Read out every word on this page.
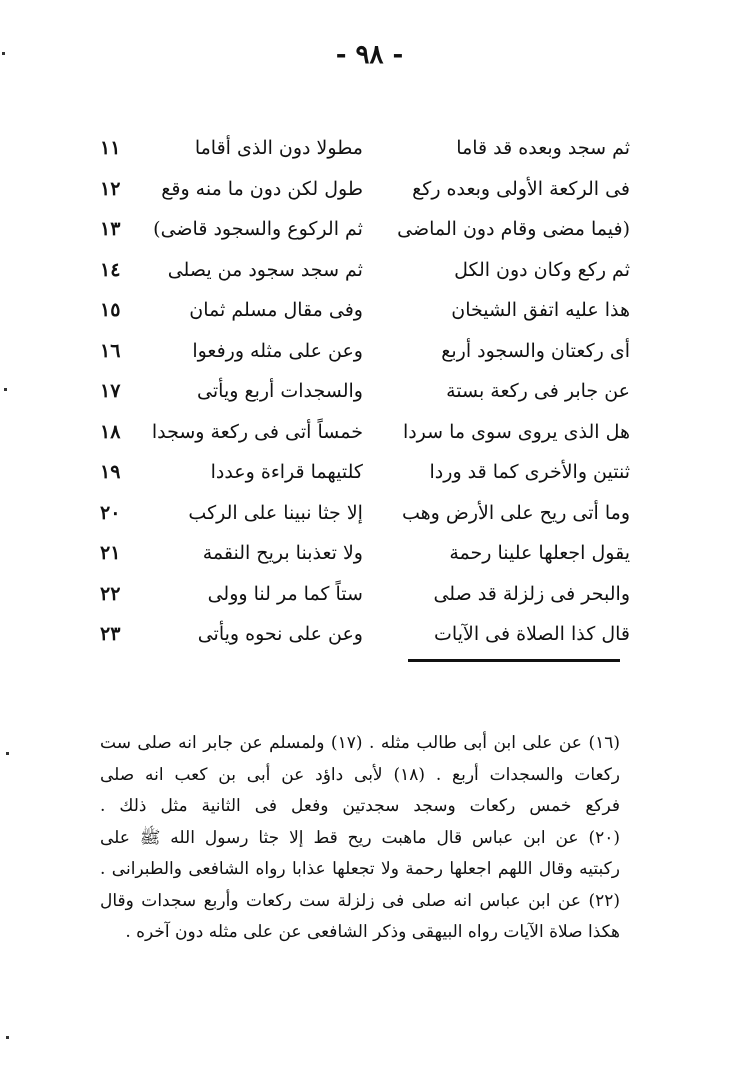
- ٩٨ -
ثم سجد وبعده قد قاما
مطولا دون الذى أقاما
١١
فى الركعة الأولى وبعده ركع
طول لكن دون ما منه وقع
١٢
(فيما مضى وقام دون الماضى
ثم الركوع والسجود قاضى)
١٣
ثم ركع وكان دون الكل
ثم سجد سجود من يصلى
١٤
هذا عليه اتفق الشيخان
وفى مقال مسلم ثمان
١٥
أى ركعتان والسجود أربع
وعن على مثله ورفعوا
١٦
عن جابر فى ركعة بستة
والسجدات أربع ويأتى
١٧
هل الذى يروى سوى ما سردا
خمساً أتى فى ركعة وسجدا
١٨
ثنتين والأخرى كما قد وردا
كلتيهما قراءة وعددا
١٩
وما أتى ريح على الأرض وهب
إلا جثا نبينا على الركب
٢٠
يقول اجعلها علينا رحمة
ولا تعذبنا بريح النقمة
٢١
والبحر فى زلزلة قد صلى
ستاً كما مر لنا وولى
٢٢
قال كذا الصلاة فى الآيات
وعن على نحوه ويأتى
٢٣
(١٦) عن على ابن أبى طالب مثله . (١٧) ولمسلم عن جابر انه صلى ست
ركعات والسجدات أربع . (١٨) لأبى داؤد عن أبى بن كعب انه صلى
فركع خمس ركعات وسجد سجدتين وفعل فى الثانية مثل ذلك .
(٢٠) عن ابن عباس قال ماهبت ريح قط إلا جثا رسول الله ﷺ على
ركبتيه وقال اللهم اجعلها رحمة ولا تجعلها عذابا رواه الشافعى والطبرانى .
(٢٢) عن ابن عباس انه صلى فى زلزلة ست ركعات وأربع سجدات وقال
هكذا صلاة الآيات رواه البيهقى وذكر الشافعى عن على مثله دون آخره .
